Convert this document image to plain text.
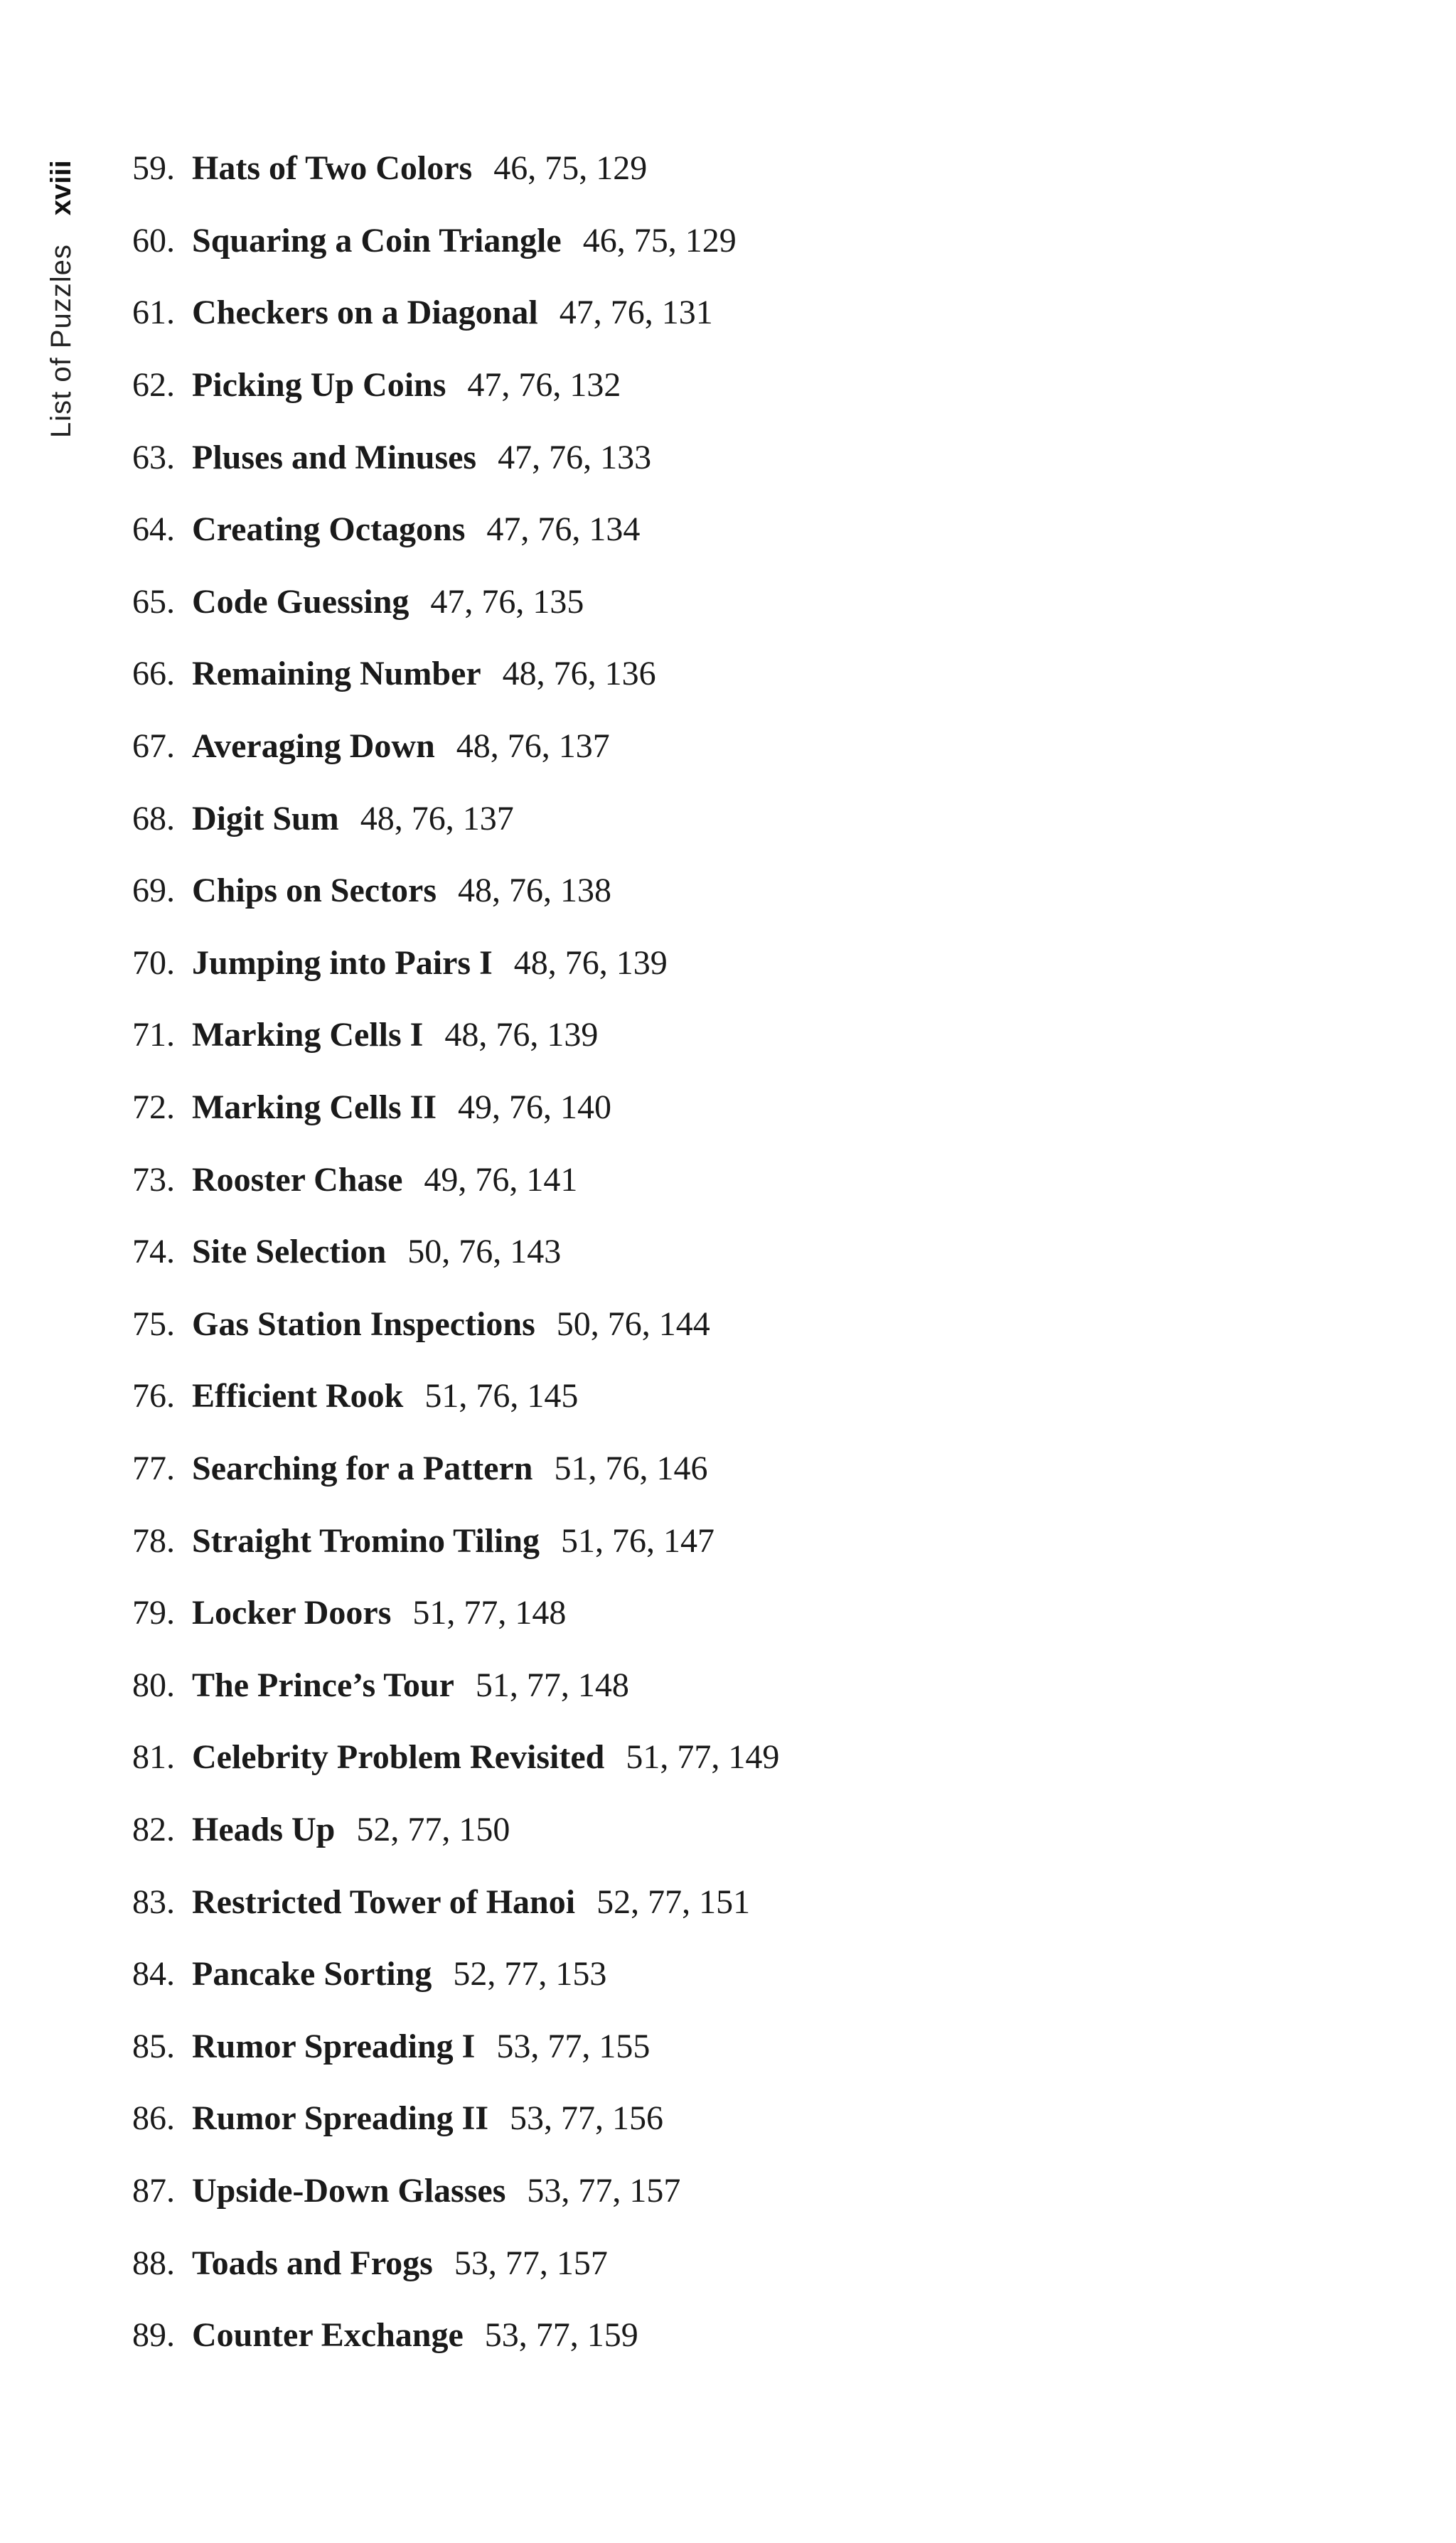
List of Puzzles
xviii 59. Hats of Two Colors 46, 75, 129
60. Squaring a Coin Triangle 46, 75, 129
61. Checkers on a Diagonal 47, 76, 131
62. Picking Up Coins 47, 76, 132
63. Pluses and Minuses 47, 76, 133
64. Creating Octagons 47, 76, 134
65. Code Guessing 47, 76, 135
66. Remaining Number 48, 76, 136
67. Averaging Down 48, 76, 137
68. Digit Sum 48, 76, 137
69. Chips on Sectors 48, 76, 138
70. Jumping into Pairs I 48, 76, 139
71. Marking Cells I 48, 76, 139
72. Marking Cells II 49, 76, 140
73. Rooster Chase 49, 76, 141
74. Site Selection 50, 76, 143
75. Gas Station Inspections 50, 76, 144
76. Efficient Rook 51, 76, 145
77. Searching for a Pattern 51, 76, 146
78. Straight Tromino Tiling 51, 76, 147
79. Locker Doors 51, 77, 148
80. The Prince’s Tour 51, 77, 148
81. Celebrity Problem Revisited 51, 77, 149
82. Heads Up 52, 77, 150
83. Restricted Tower of Hanoi 52, 77, 151
84. Pancake Sorting 52, 77, 153
85. Rumor Spreading I 53, 77, 155
86. Rumor Spreading II 53, 77, 156
87. Upside-Down Glasses 53, 77, 157
88. Toads and Frogs 53, 77, 157
89. Counter Exchange 53, 77, 159
